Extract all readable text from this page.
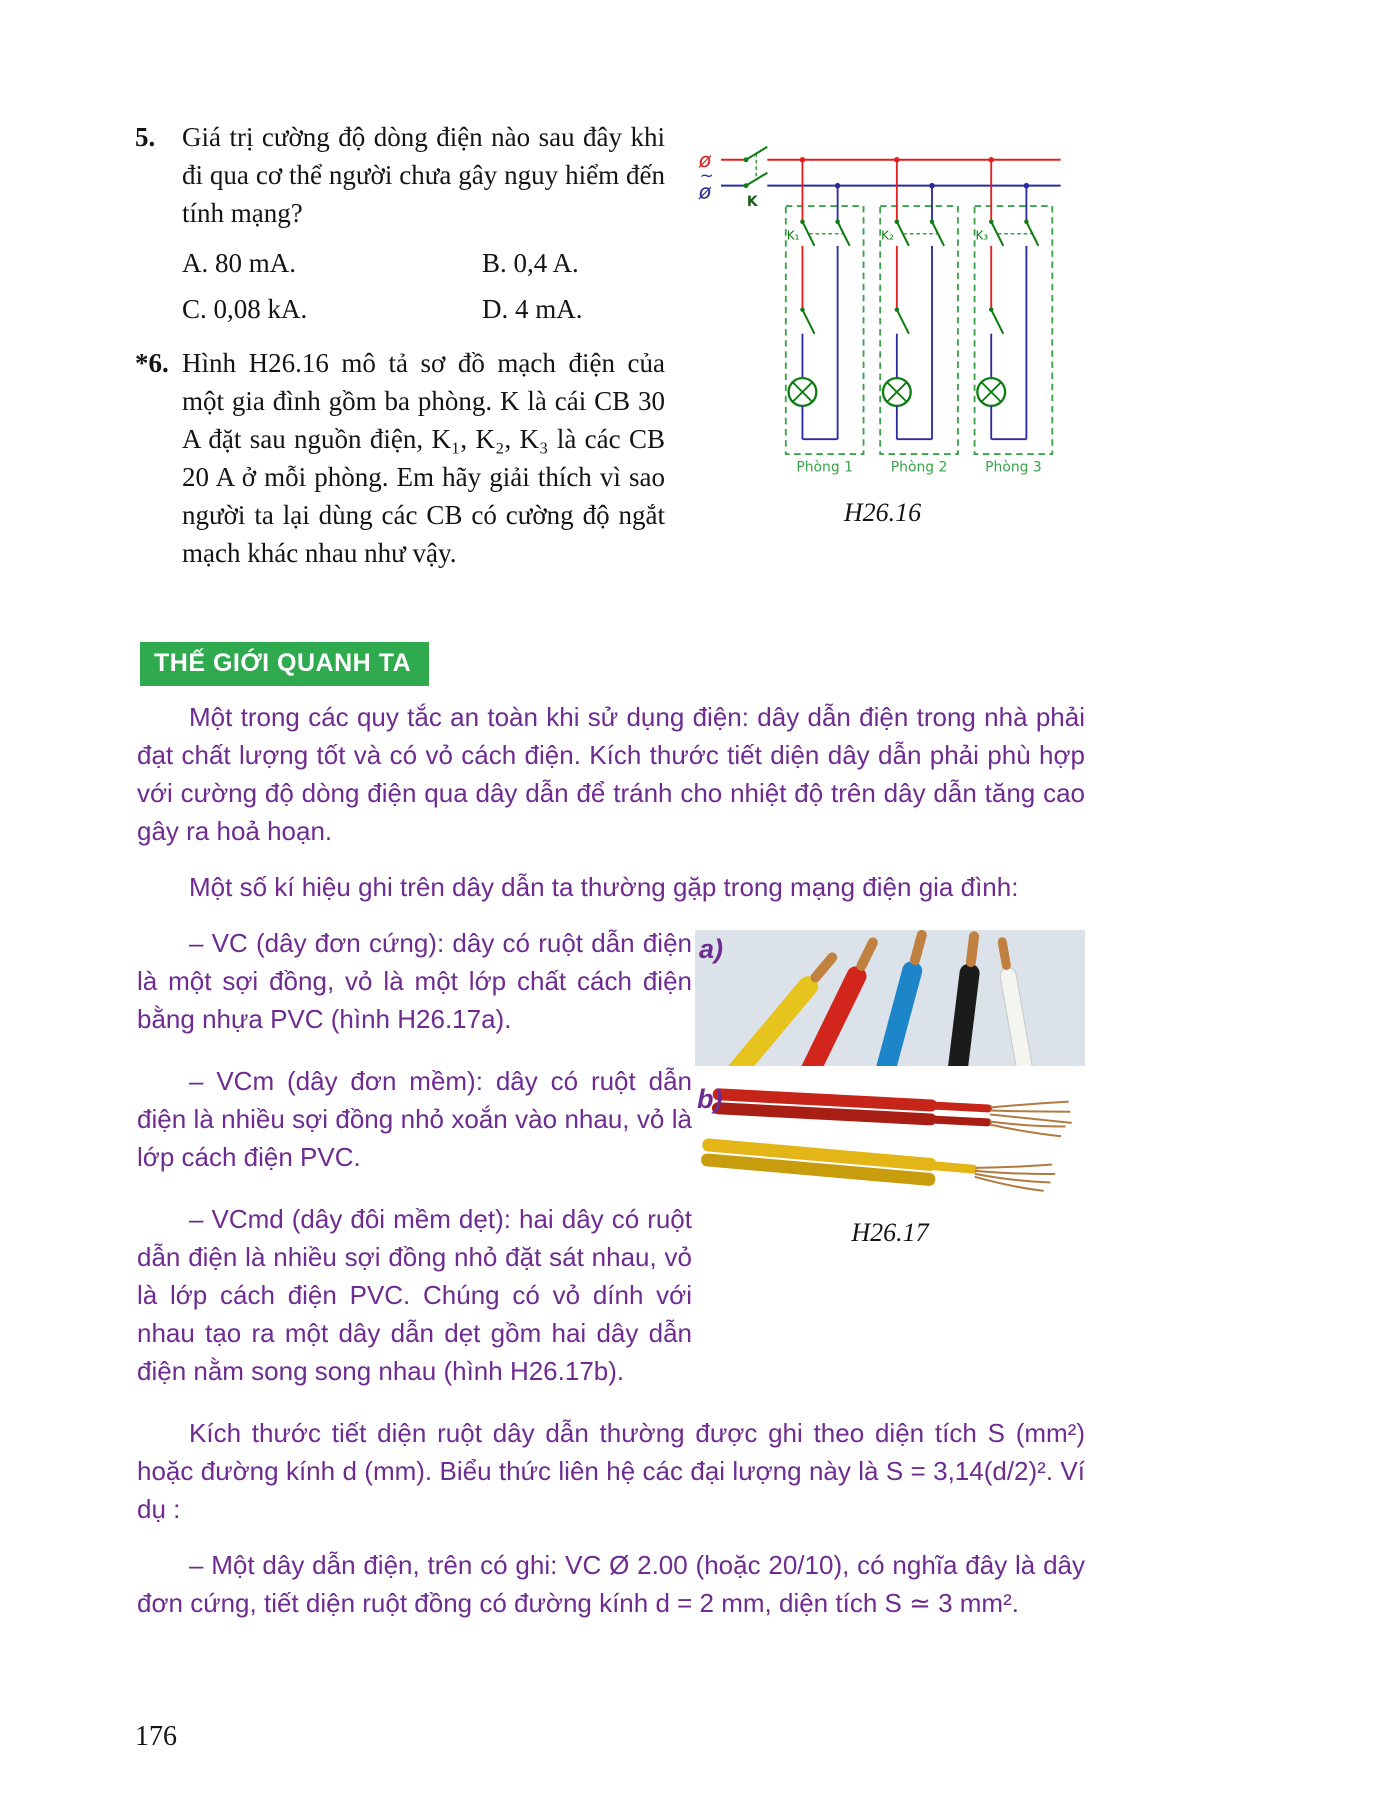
5. Giá trị cường độ dòng điện nào sau đây khi đi qua cơ thể người chưa gây nguy hiểm đến tính mạng?
A. 80 mA.	B. 0,4 A.
C. 0,08 kA.	D. 4 mA.
*6. Hình H26.16 mô tả sơ đồ mạch điện của một gia đình gồm ba phòng. K là cái CB 30 A đặt sau nguồn điện, K₁, K₂, K₃ là các CB 20 A ở mỗi phòng. Em hãy giải thích vì sao người ta lại dùng các CB có cường độ ngắt mạch khác nhau như vậy.
ø
~
ø K
K₁
Phòng 1
K₂
Phòng 2
K₃
Phòng 3
H26.16
THẾ GIỚI QUANH TA

Một trong các quy tắc an toàn khi sử dụng điện: dây dẫn điện trong nhà phải đạt chất lượng tốt và có vỏ cách điện. Kích thước tiết diện dây dẫn phải phù hợp với cường độ dòng điện qua dây dẫn để tránh cho nhiệt độ trên dây dẫn tăng cao gây ra hoả hoạn.

Một số kí hiệu ghi trên dây dẫn ta thường gặp trong mạng điện gia đình:

– VC (dây đơn cứng): dây có ruột dẫn điện là một sợi đồng, vỏ là một lớp chất cách điện bằng nhựa PVC (hình H26.17a).

– VCm (dây đơn mềm): dây có ruột dẫn điện là nhiều sợi đồng nhỏ xoắn vào nhau, vỏ là lớp cách điện PVC.

– VCmd (dây đôi mềm dẹt): hai dây có ruột dẫn điện là nhiều sợi đồng nhỏ đặt sát nhau, vỏ là lớp cách điện PVC. Chúng có vỏ dính với nhau tạo ra một dây dẫn dẹt gồm hai dây dẫn điện nằm song song nhau (hình H26.17b).

a)
b)
H26.17

Kích thước tiết diện ruột dây dẫn thường được ghi theo diện tích S (mm²) hoặc đường kính d (mm). Biểu thức liên hệ các đại lượng này là S = 3,14(d/2)². Ví dụ :

– Một dây dẫn điện, trên có ghi: VC Ø 2.00 (hoặc 20/10), có nghĩa đây là dây đơn cứng, tiết diện ruột đồng có đường kính d = 2 mm, diện tích S ≃ 3 mm².

176
